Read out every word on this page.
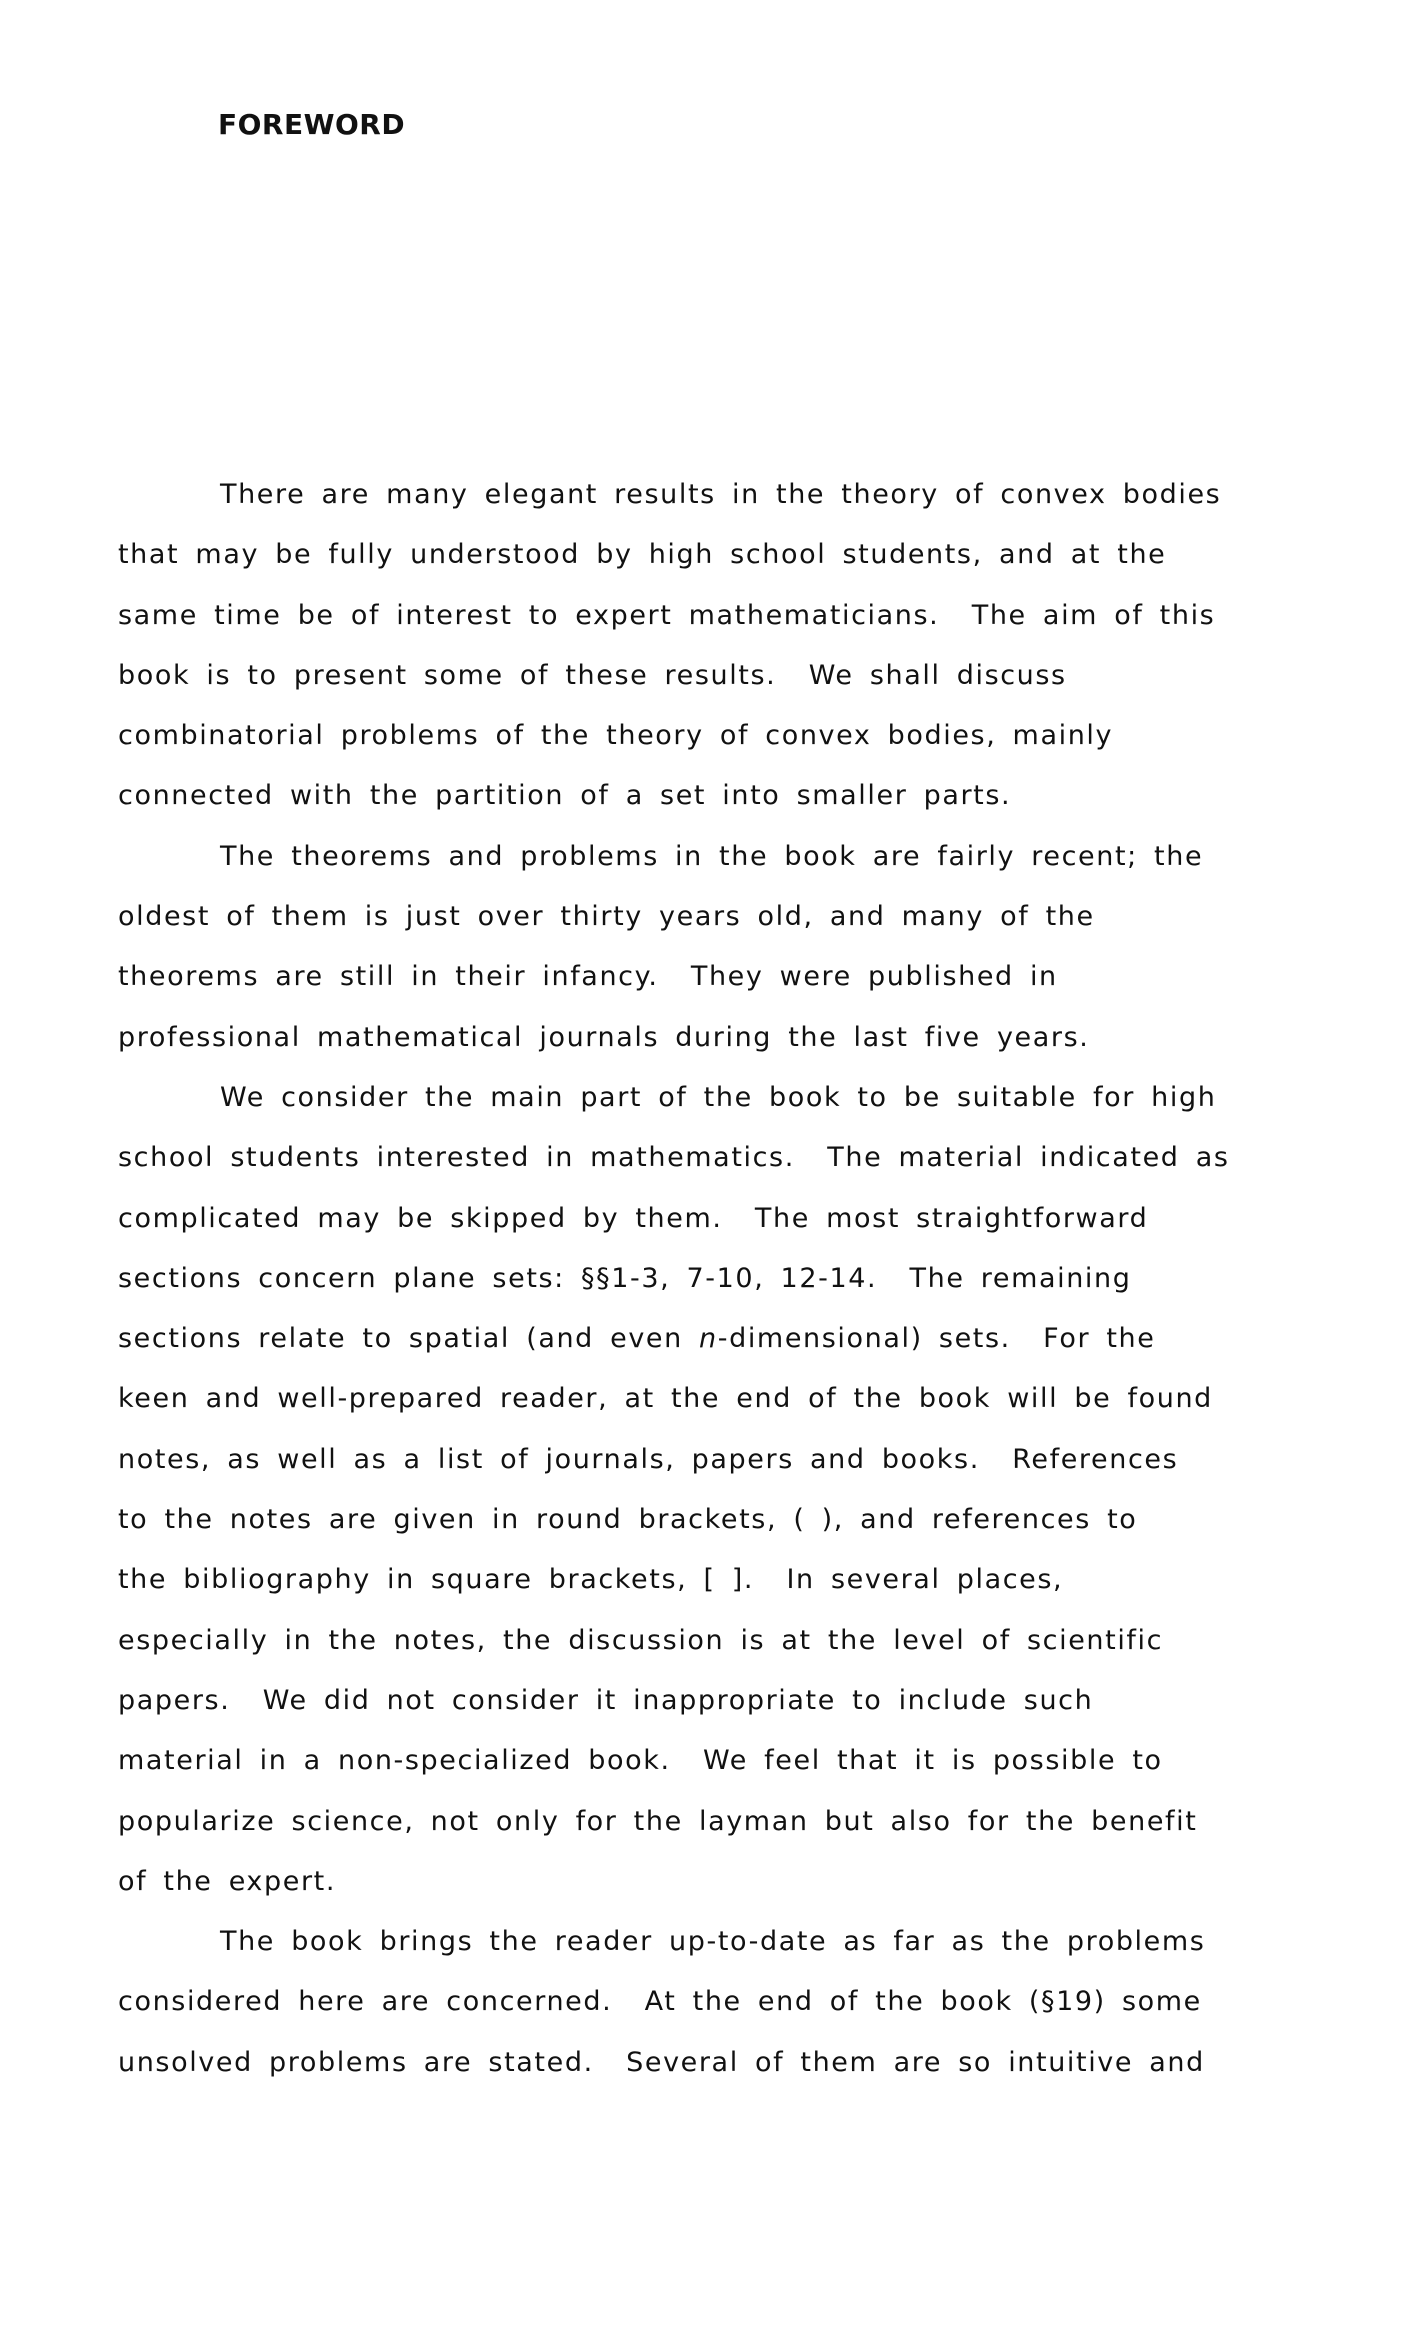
FOREWORD
There are many elegant results in the theory of convex bodies
that may be fully understood by high school students, and at the
same time be of interest to expert mathematicians.  The aim of this
book is to present some of these results.  We shall discuss
combinatorial problems of the theory of convex bodies, mainly
connected with the partition of a set into smaller parts.
The theorems and problems in the book are fairly recent; the
oldest of them is just over thirty years old, and many of the
theorems are still in their infancy.  They were published in
professional mathematical journals during the last five years.
We consider the main part of the book to be suitable for high
school students interested in mathematics.  The material indicated as
complicated may be skipped by them.  The most straightforward
sections concern plane sets: §§1-3, 7-10, 12-14.  The remaining
sections relate to spatial (and even n-dimensional) sets.  For the
keen and well-prepared reader, at the end of the book will be found
notes, as well as a list of journals, papers and books.  References
to the notes are given in round brackets, ( ), and references to
the bibliography in square brackets, [ ].  In several places,
especially in the notes, the discussion is at the level of scientific
papers.  We did not consider it inappropriate to include such
material in a non-specialized book.  We feel that it is possible to
popularize science, not only for the layman but also for the benefit
of the expert.
The book brings the reader up-to-date as far as the problems
considered here are concerned.  At the end of the book (§19) some
unsolved problems are stated.  Several of them are so intuitive and
